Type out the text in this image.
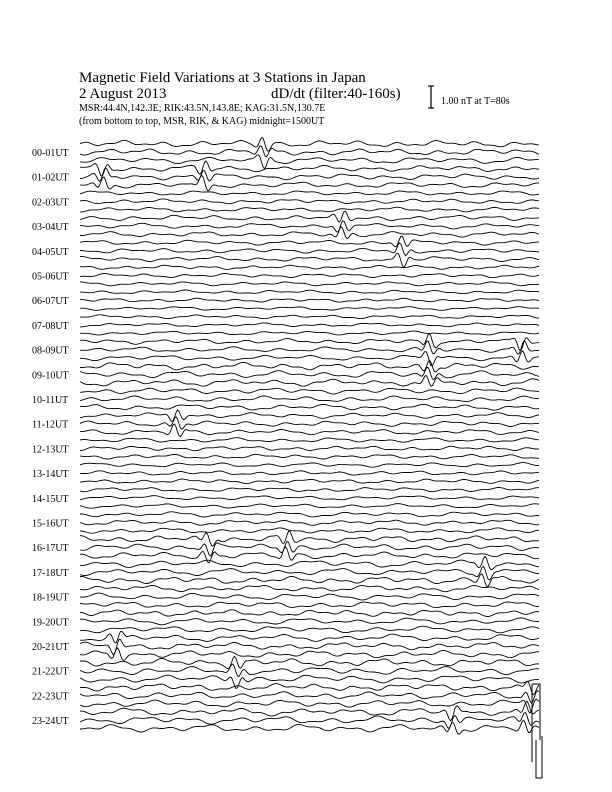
Magnetic Field Variations at 3 Stations in Japan
2 August 2013	dD/dt (filter:40-160s)
MSR:44.4N,142.3E; RIK:43.5N,143.8E; KAG:31.5N,130.7E
(from bottom to top, MSR, RIK, & KAG) midnight=1500UT
1.00 nT at T=80s
00-01UT
01-02UT
02-03UT
03-04UT
04-05UT
05-06UT
06-07UT
07-08UT
08-09UT
09-10UT
10-11UT
11-12UT
12-13UT
13-14UT
14-15UT
15-16UT
16-17UT
17-18UT
18-19UT
19-20UT
20-21UT
21-22UT
22-23UT
23-24UT
